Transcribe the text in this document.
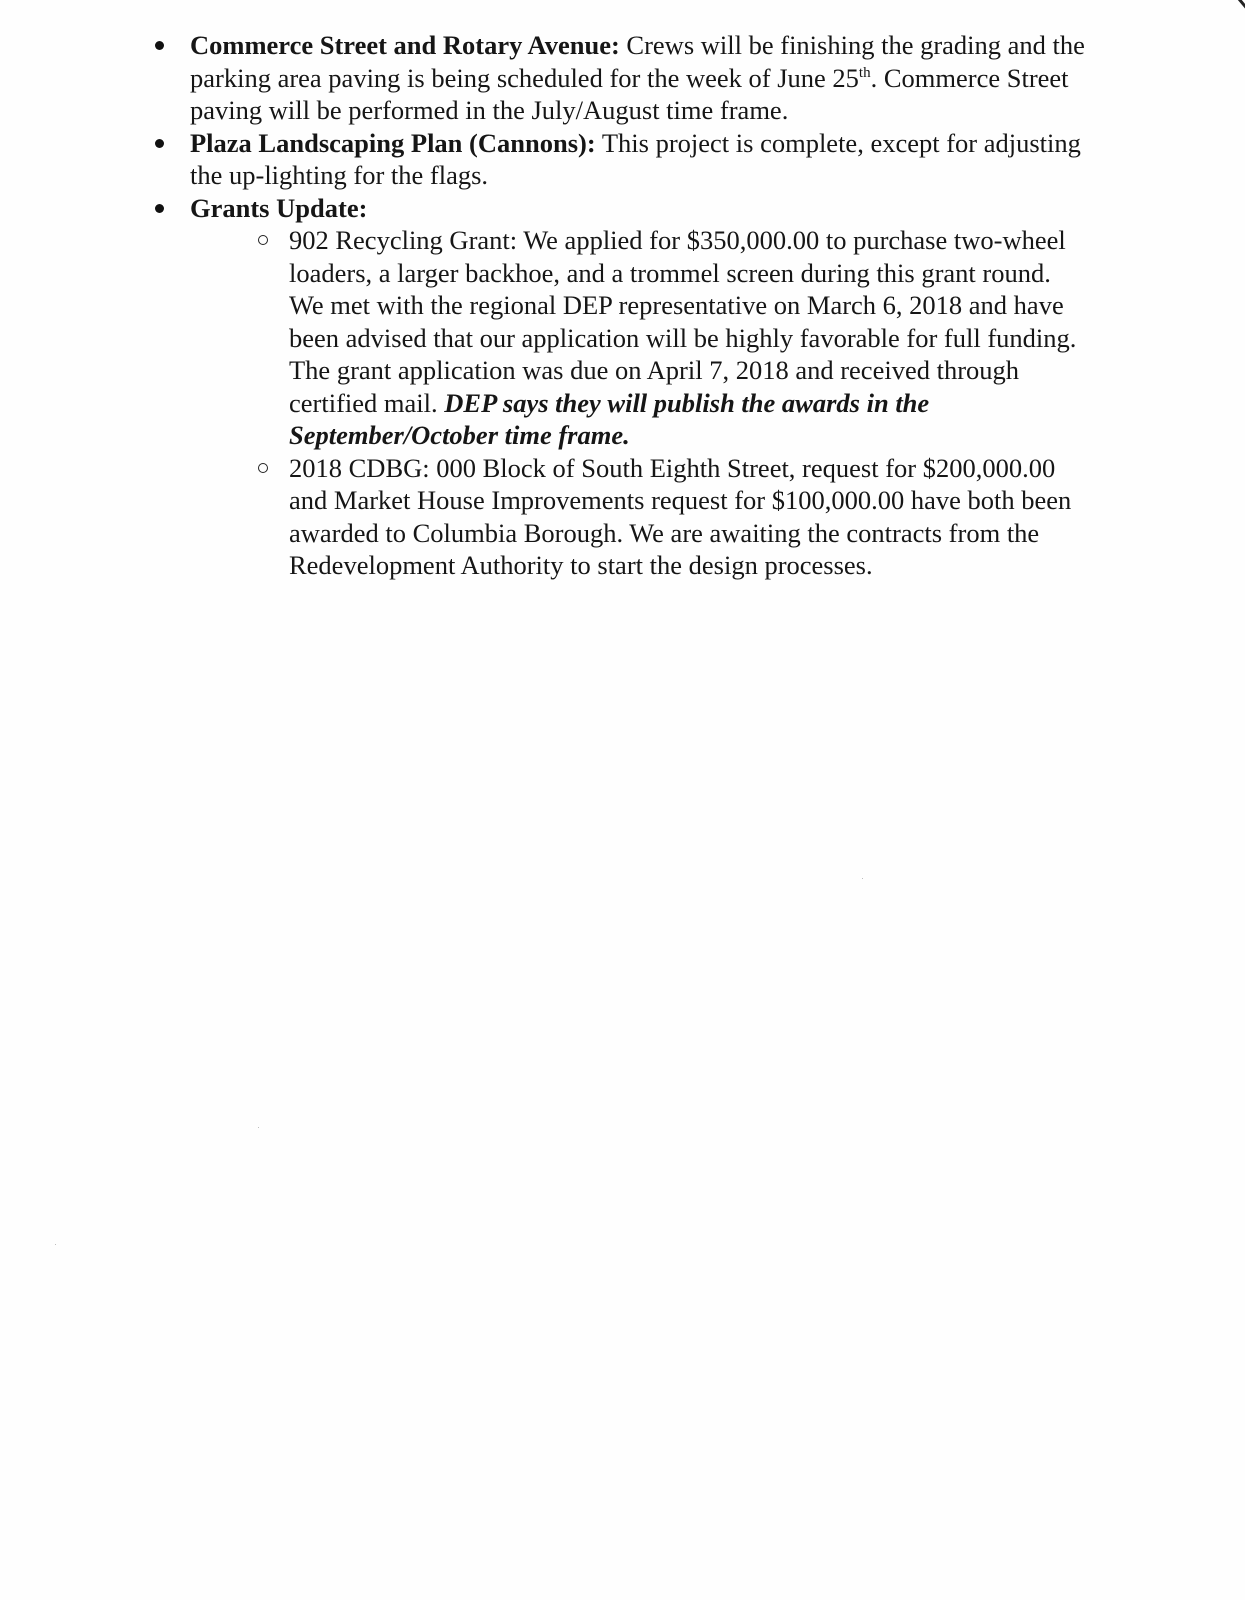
Commerce Street and Rotary Avenue: Crews will be finishing the grading and the parking area paving is being scheduled for the week of June 25th. Commerce Street paving will be performed in the July/August time frame.
Plaza Landscaping Plan (Cannons): This project is complete, except for adjusting the up-lighting for the flags.
Grants Update:
902 Recycling Grant: We applied for $350,000.00 to purchase two-wheel loaders, a larger backhoe, and a trommel screen during this grant round. We met with the regional DEP representative on March 6, 2018 and have been advised that our application will be highly favorable for full funding. The grant application was due on April 7, 2018 and received through certified mail. DEP says they will publish the awards in the September/October time frame.
2018 CDBG: 000 Block of South Eighth Street, request for $200,000.00 and Market House Improvements request for $100,000.00 have both been awarded to Columbia Borough. We are awaiting the contracts from the Redevelopment Authority to start the design processes.
